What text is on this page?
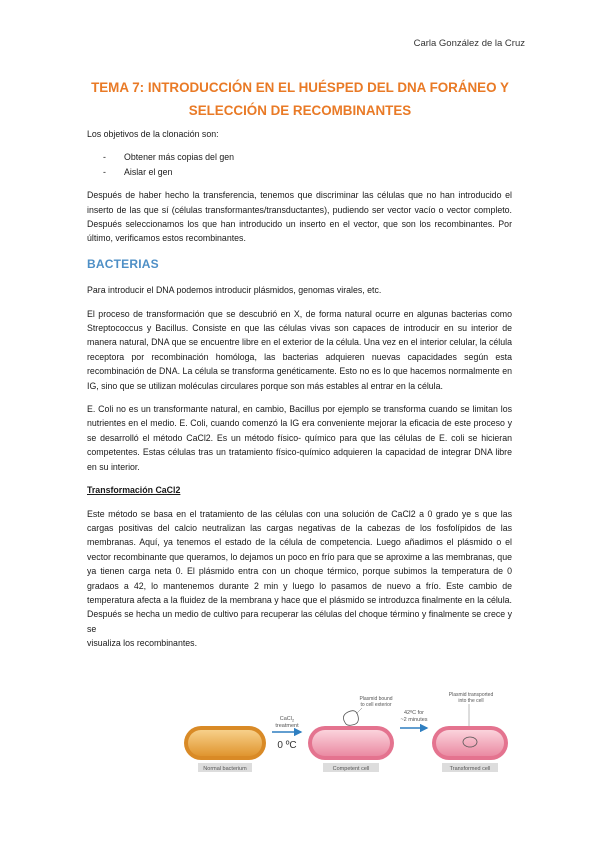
Carla González de la Cruz
TEMA 7: INTRODUCCIÓN EN EL HUÉSPED DEL DNA FORÁNEO Y SELECCIÓN DE RECOMBINANTES

Los objetivos de la clonación son:

- Obtener más copias del gen
- Aislar el gen

Después de haber hecho la transferencia, tenemos que discriminar las células que no han introducido el inserto de las que sí (células transformantes/transductantes), pudiendo ser vector vacío o vector completo. Después seleccionamos los que han introducido un inserto en el vector, que son los recombinantes. Por último, verificamos estos recombinantes.

BACTERIAS

Para introducir el DNA podemos introducir plásmidos, genomas virales, etc.

El proceso de transformación que se descubrió en X, de forma natural ocurre en algunas bacterias como Streptococcus y Bacillus. Consiste en que las células vivas son capaces de introducir en su interior de manera natural, DNA que se encuentre libre en el exterior de la célula. Una vez en el interior celular, la célula receptora por recombinación homóloga, las bacterias adquieren nuevas capacidades según esta recombinación de DNA. La célula se transforma genéticamente. Esto no es lo que hacemos normalmente en IG, sino que se utilizan moléculas circulares porque son más estables al entrar en la célula.

E. Coli no es un transformante natural, en cambio, Bacillus por ejemplo se transforma cuando se limitan los nutrientes en el medio. E. Coli, cuando comenzó la IG era conveniente mejorar la eficacia de este proceso y se desarrolló el método CaCl2. Es un método físico- químico para que las células de E. coli se hicieran competentes. Estas células tras un tratamiento físico-químico adquieren la capacidad de integrar DNA libre en su interior.

Transformación CaCl2

Este método se basa en el tratamiento de las células con una solución de CaCl2 a 0 grado ye s que las cargas positivas del calcio neutralizan las cargas negativas de la cabezas de los fosfolípidos de las membranas. Aquí, ya tenemos el estado de la célula de competencia. Luego añadimos el plásmido o el vector recombinante que queramos, lo dejamos un poco en frío para que se aproxime a las membranas, que ya tienen carga neta 0. El plásmido entra con un choque térmico, porque subimos la temperatura de 0 gradaos a 42, lo mantenemos durante 2 min y luego lo pasamos de nuevo a frío. Este cambio de temperatura afecta a la fluidez de la membrana y hace que el plásmido se introduzca finalmente en la célula. Después se hecha un medio de cultivo para recuperar las células del choque término y finalmente se crece y se

visualiza los recombinantes.
Normal bacterium
CaCl$_2$
treatment
0 ºC
Plasmid bound
to cell exterior
Competent cell
42ºC for
~2 minutes
Plasmid transported
into the cell
Transformed cell
